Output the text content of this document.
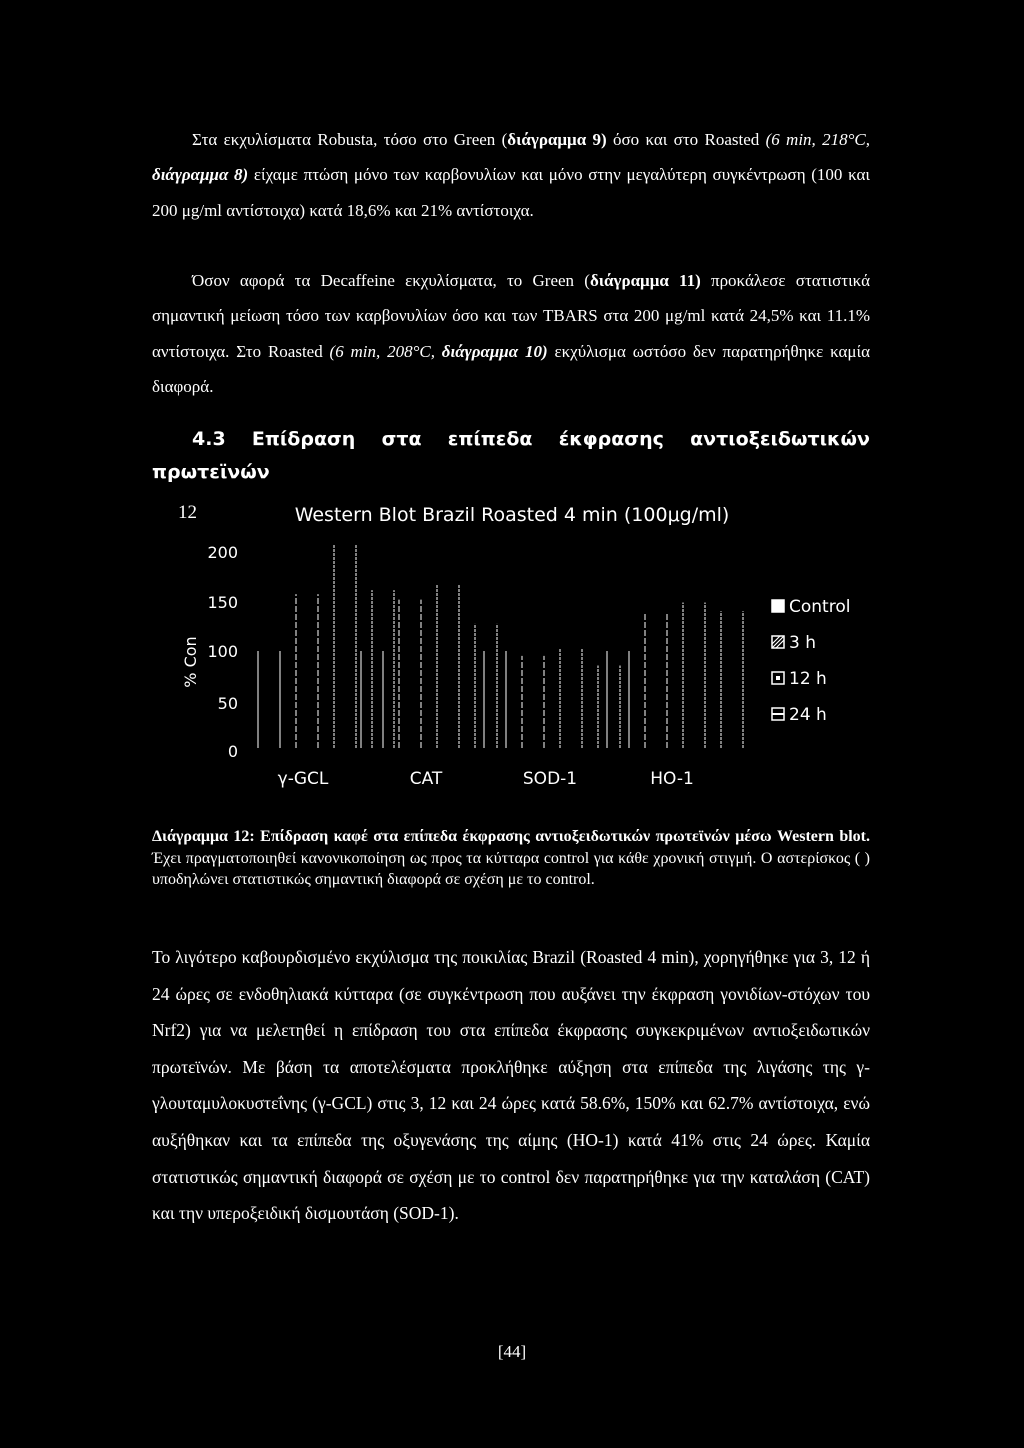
Στα εκχυλίσματα Robusta, τόσο στο Green (διάγραμμα 9) όσο και στο Roasted (6 min, 218°C, διάγραμμα 8) είχαμε πτώση μόνο των καρβονυλίων και μόνο στην μεγαλύτερη συγκέντρωση (100 και 200 μg/ml αντίστοιχα) κατά 18,6% και 21% αντίστοιχα.

Όσον αφορά τα Decaffeine εκχυλίσματα, το Green (διάγραμμα 11) προκάλεσε στατιστικά σημαντική μείωση τόσο των καρβονυλίων όσο και των TBARS στα 200 μg/ml κατά 24,5% και 11.1% αντίστοιχα. Στο Roasted (6 min, 208°C, διάγραμμα 10) εκχύλισμα ωστόσο δεν παρατηρήθηκε καμία διαφορά.

4.3 Επίδραση στα επίπεδα έκφρασης αντιοξειδωτικών
πρωτεϊνών
12	Western Blot Brazil Roasted 4 min (100μg/ml)
% Con
0
50
100
150
200
γ-GCL	CAT	SOD-1	HO-1
Control
3 h
12 h
24 h

Διάγραμμα 12: Επίδραση καφέ στα επίπεδα έκφρασης αντιοξειδωτικών πρωτεϊνών μέσω Western blot. Έχει πραγματοποιηθεί κανονικοποίηση ως προς τα κύτταρα control για κάθε χρονική στιγμή. Ο αστερίσκος ( ) υποδηλώνει στατιστικώς σημαντική διαφορά σε σχέση με το control.

Το λιγότερο καβουρδισμένο εκχύλισμα της ποικιλίας Brazil (Roasted 4 min), χορηγήθηκε για 3, 12 ή 24 ώρες σε ενδοθηλιακά κύτταρα (σε συγκέντρωση που αυξάνει την έκφραση γονιδίων-στόχων του Nrf2) για να μελετηθεί η επίδραση του στα επίπεδα έκφρασης συγκεκριμένων αντιοξειδωτικών πρωτεϊνών. Με βάση τα αποτελέσματα προκλήθηκε αύξηση στα επίπεδα της λιγάσης της γ-γλουταμυλοκυστεΐνης (γ-GCL) στις 3, 12 και 24 ώρες κατά 58.6%, 150% και 62.7% αντίστοιχα, ενώ αυξήθηκαν και τα επίπεδα της οξυγενάσης της αίμης (HO-1) κατά 41% στις 24 ώρες. Καμία στατιστικώς σημαντική διαφορά σε σχέση με το control δεν παρατηρήθηκε για την καταλάση (CAT) και την υπεροξειδική δισμουτάση (SOD-1).

[44]
